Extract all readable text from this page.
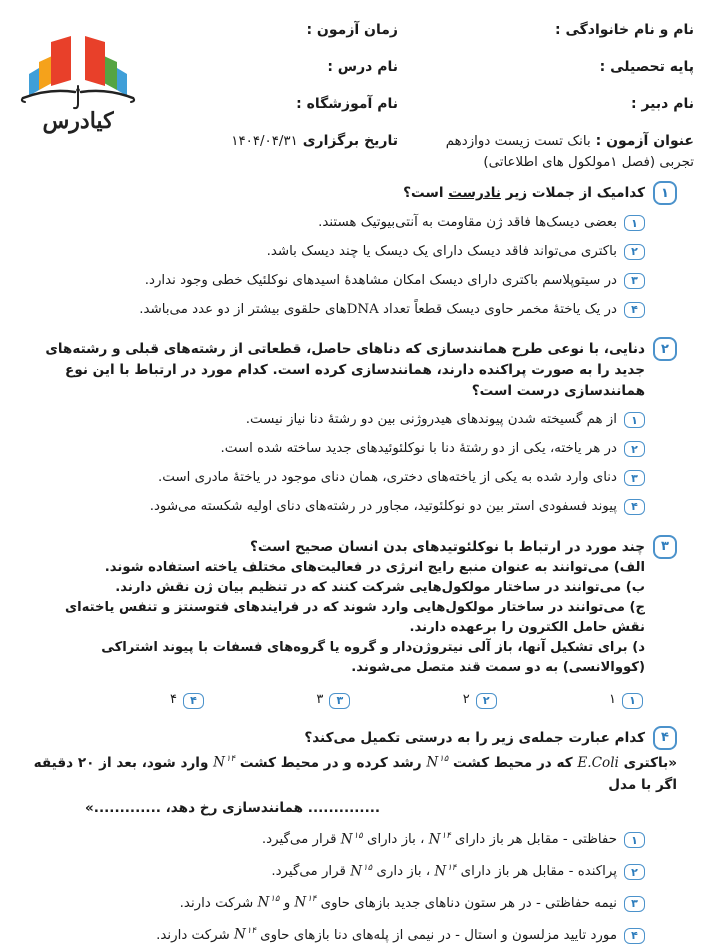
نام و نام خانوادگی :
پایه تحصیلی :
نام دبیر :
عنوان آزمون : بانک تست زیست دوازدهم
تجربی (فصل ۱مولکول های اطلاعاتی)
زمان آزمون :
نام درس :
نام آموزشگاه :
تاریخ برگزاری ۱۴۰۴/۰۴/۳۱
کیادرس
۱
کدامیک از جملات زیر نادرست است؟
۱
بعضی دیسک‌ها فاقد ژن مقاومت به آنتی‌بیوتیک هستند.
۲
باکتری می‌تواند فاقد دیسک دارای یک دیسک یا چند دیسک باشد.
۳
در سیتوپلاسم باکتری دارای دیسک امکان مشاهدهٔ اسیدهای نوکلئیک خطی وجود ندارد.
۴
در یک یاختهٔ مخمر حاوی دیسک قطعاً تعداد DNAهای حلقوی بیشتر از دو عدد می‌باشد.
۲
دنایی، با نوعی طرح همانندسازی که دناهای حاصل، قطعاتی از رشته‌های قبلی و رشته‌های جدید را به صورت پراکنده دارند، همانندسازی کرده است. کدام مورد در ارتباط با این نوع همانندسازی درست است؟
۱
از هم گسیخته شدن پیوندهای هیدروژنی بین دو رشتهٔ دنا نیاز نیست.
۲
در هر یاخته، یکی از دو رشتهٔ دنا با نوکلئوئیدهای جدید ساخته شده است.
۳
دنای وارد شده به یکی از یاخته‌های دختری، همان دنای موجود در یاختهٔ مادری است.
۴
پیوند فسفودی استر بین دو نوکلئوتید، مجاور در رشته‌های دنای اولیه شکسته می‌شود.
۳
چند مورد در ارتباط با نوکلئوتیدهای بدن انسان صحیح است؟
الف) می‌توانند به عنوان منبع رایج انرژی در فعالیت‌های مختلف یاخته استفاده شوند.
ب) می‌توانند در ساختار مولکول‌هایی شرکت کنند که در تنظیم بیان ژن نقش دارند.
ج) می‌توانند در ساختار مولکول‌هایی وارد شوند که در فرایندهای فتوسنتز و تنفس یاخته‌ای نقش حامل الکترون را برعهده دارند.
د) برای تشکیل آنها، باز آلی نیتروژن‌دار و گروه یا گروه‌های فسفات با پیوند اشتراکی (کووالانسی) به دو سمت قند متصل می‌شوند.
۱
۱
۲
۲
۳
۳
۴
۴
۴
کدام عبارت جمله‌ی زیر را به درستی تکمیل می‌کند؟
«باکتری E.Coli که در محیط کشت $N^{۱۵}$ رشد کرده و در محیط کشت $N^{۱۴}$ وارد شود، بعد از ۲۰ دقیقه اگر با مدل
.............. همانندسازی رخ دهد، .............»
۱
حفاظتی - مقابل هر باز دارای $N^{۱۴}$ ، باز دارای $N^{۱۵}$ قرار می‌گیرد.
۲
پراکنده - مقابل هر باز دارای $N^{۱۴}$ ، باز داری $N^{۱۵}$ قرار می‌گیرد.
۳
نیمه حفاظتی - در هر ستون دناهای جدید بازهای حاوی $N^{۱۴}$ و $N^{۱۵}$ شرکت دارند.
۴
مورد تایید مزلسون و استال - در نیمی از پله‌های دنا بازهای حاوی $N^{۱۴}$ شرکت دارند.
